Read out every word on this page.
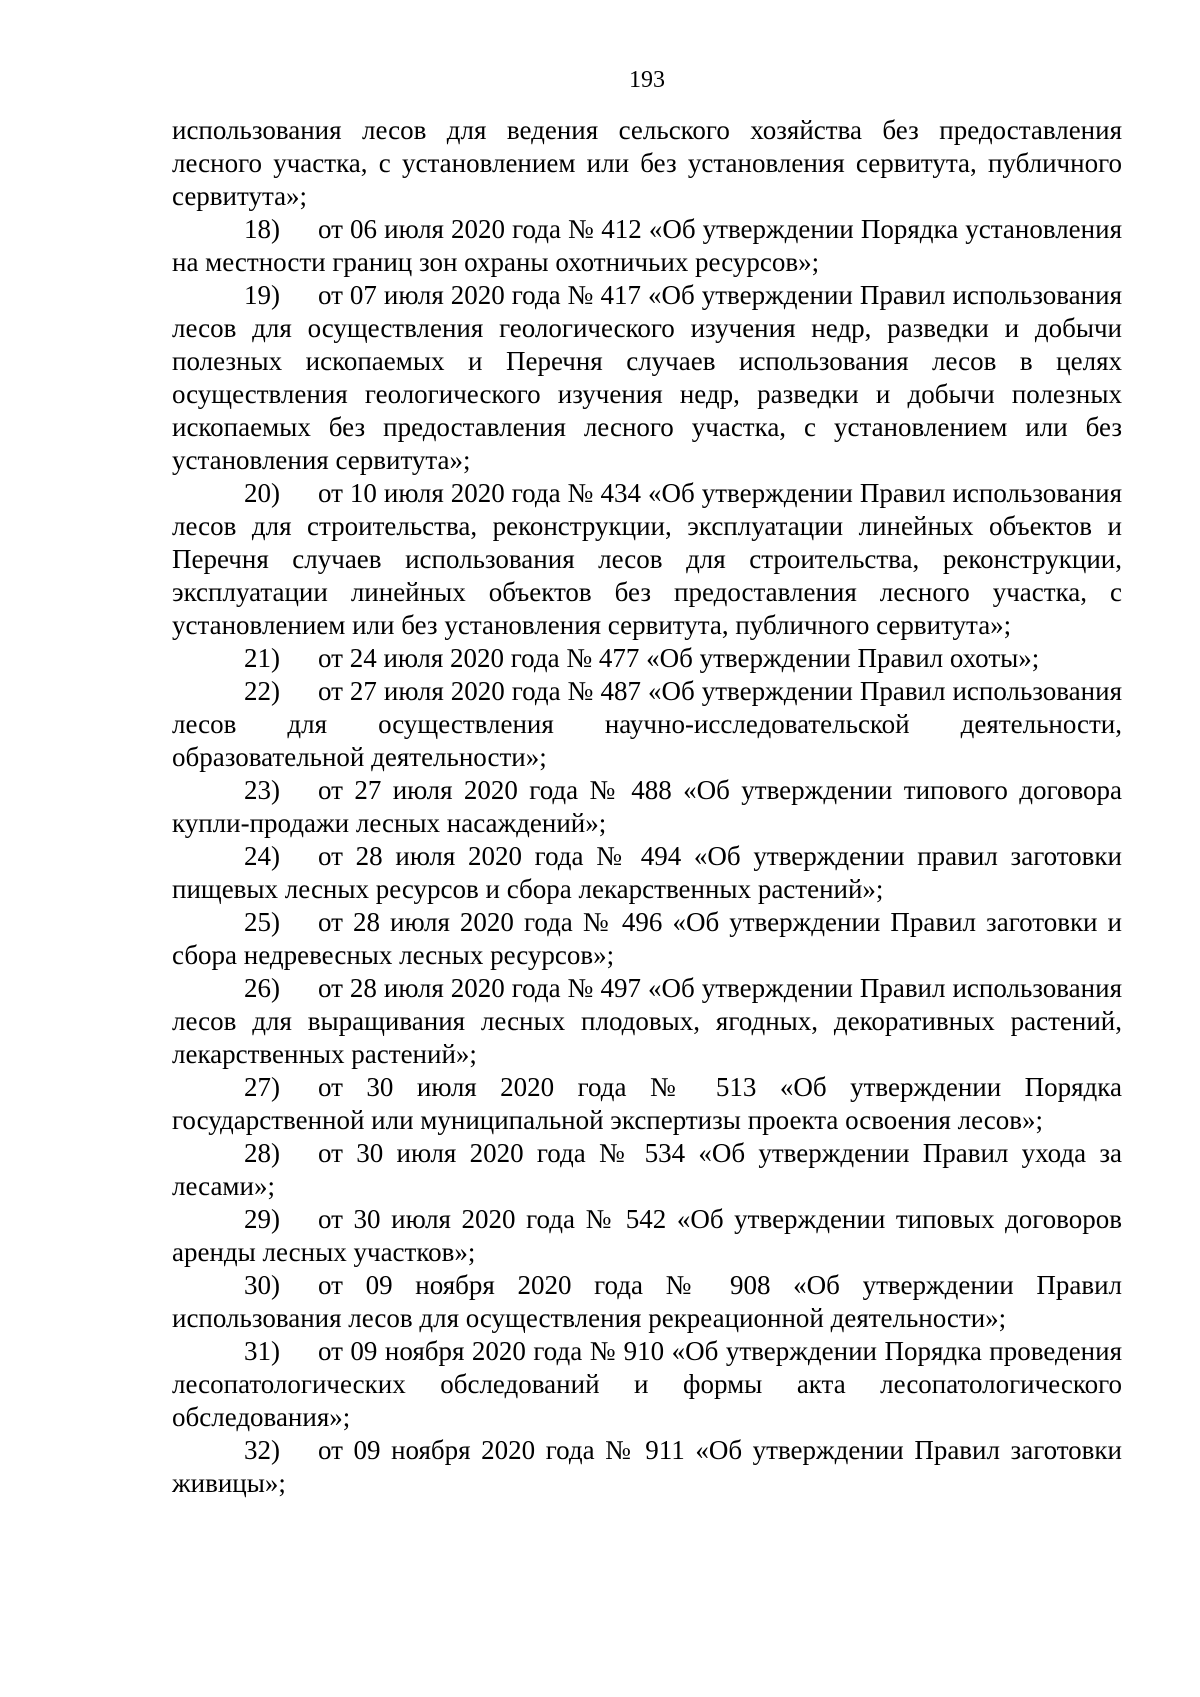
193

использования лесов для ведения сельского хозяйства без предоставления лесного участка, с установлением или без установления сервитута, публичного сервитута»;

18) от 06 июля 2020 года № 412 «Об утверждении Порядка установления на местности границ зон охраны охотничьих ресурсов»;

19) от 07 июля 2020 года № 417 «Об утверждении Правил использования лесов для осуществления геологического изучения недр, разведки и добычи полезных ископаемых и Перечня случаев использования лесов в целях осуществления геологического изучения недр, разведки и добычи полезных ископаемых без предоставления лесного участка, с установлением или без установления сервитута»;

20) от 10 июля 2020 года № 434 «Об утверждении Правил использования лесов для строительства, реконструкции, эксплуатации линейных объектов и Перечня случаев использования лесов для строительства, реконструкции, эксплуатации линейных объектов без предоставления лесного участка, с установлением или без установления сервитута, публичного сервитута»;

21) от 24 июля 2020 года № 477 «Об утверждении Правил охоты»;

22) от 27 июля 2020 года № 487 «Об утверждении Правил использования лесов для осуществления научно-исследовательской деятельности, образовательной деятельности»;

23) от 27 июля 2020 года № 488 «Об утверждении типового договора купли-продажи лесных насаждений»;

24) от 28 июля 2020 года № 494 «Об утверждении правил заготовки пищевых лесных ресурсов и сбора лекарственных растений»;

25) от 28 июля 2020 года № 496 «Об утверждении Правил заготовки и сбора недревесных лесных ресурсов»;

26) от 28 июля 2020 года № 497 «Об утверждении Правил использования лесов для выращивания лесных плодовых, ягодных, декоративных растений, лекарственных растений»;

27) от 30 июля 2020 года № 513 «Об утверждении Порядка государственной или муниципальной экспертизы проекта освоения лесов»;

28) от 30 июля 2020 года № 534 «Об утверждении Правил ухода за лесами»;

29) от 30 июля 2020 года № 542 «Об утверждении типовых договоров аренды лесных участков»;

30) от 09 ноября 2020 года № 908 «Об утверждении Правил использования лесов для осуществления рекреационной деятельности»;

31) от 09 ноября 2020 года № 910 «Об утверждении Порядка проведения лесопатологических обследований и формы акта лесопатологического обследования»;

32) от 09 ноября 2020 года № 911 «Об утверждении Правил заготовки живицы»;
